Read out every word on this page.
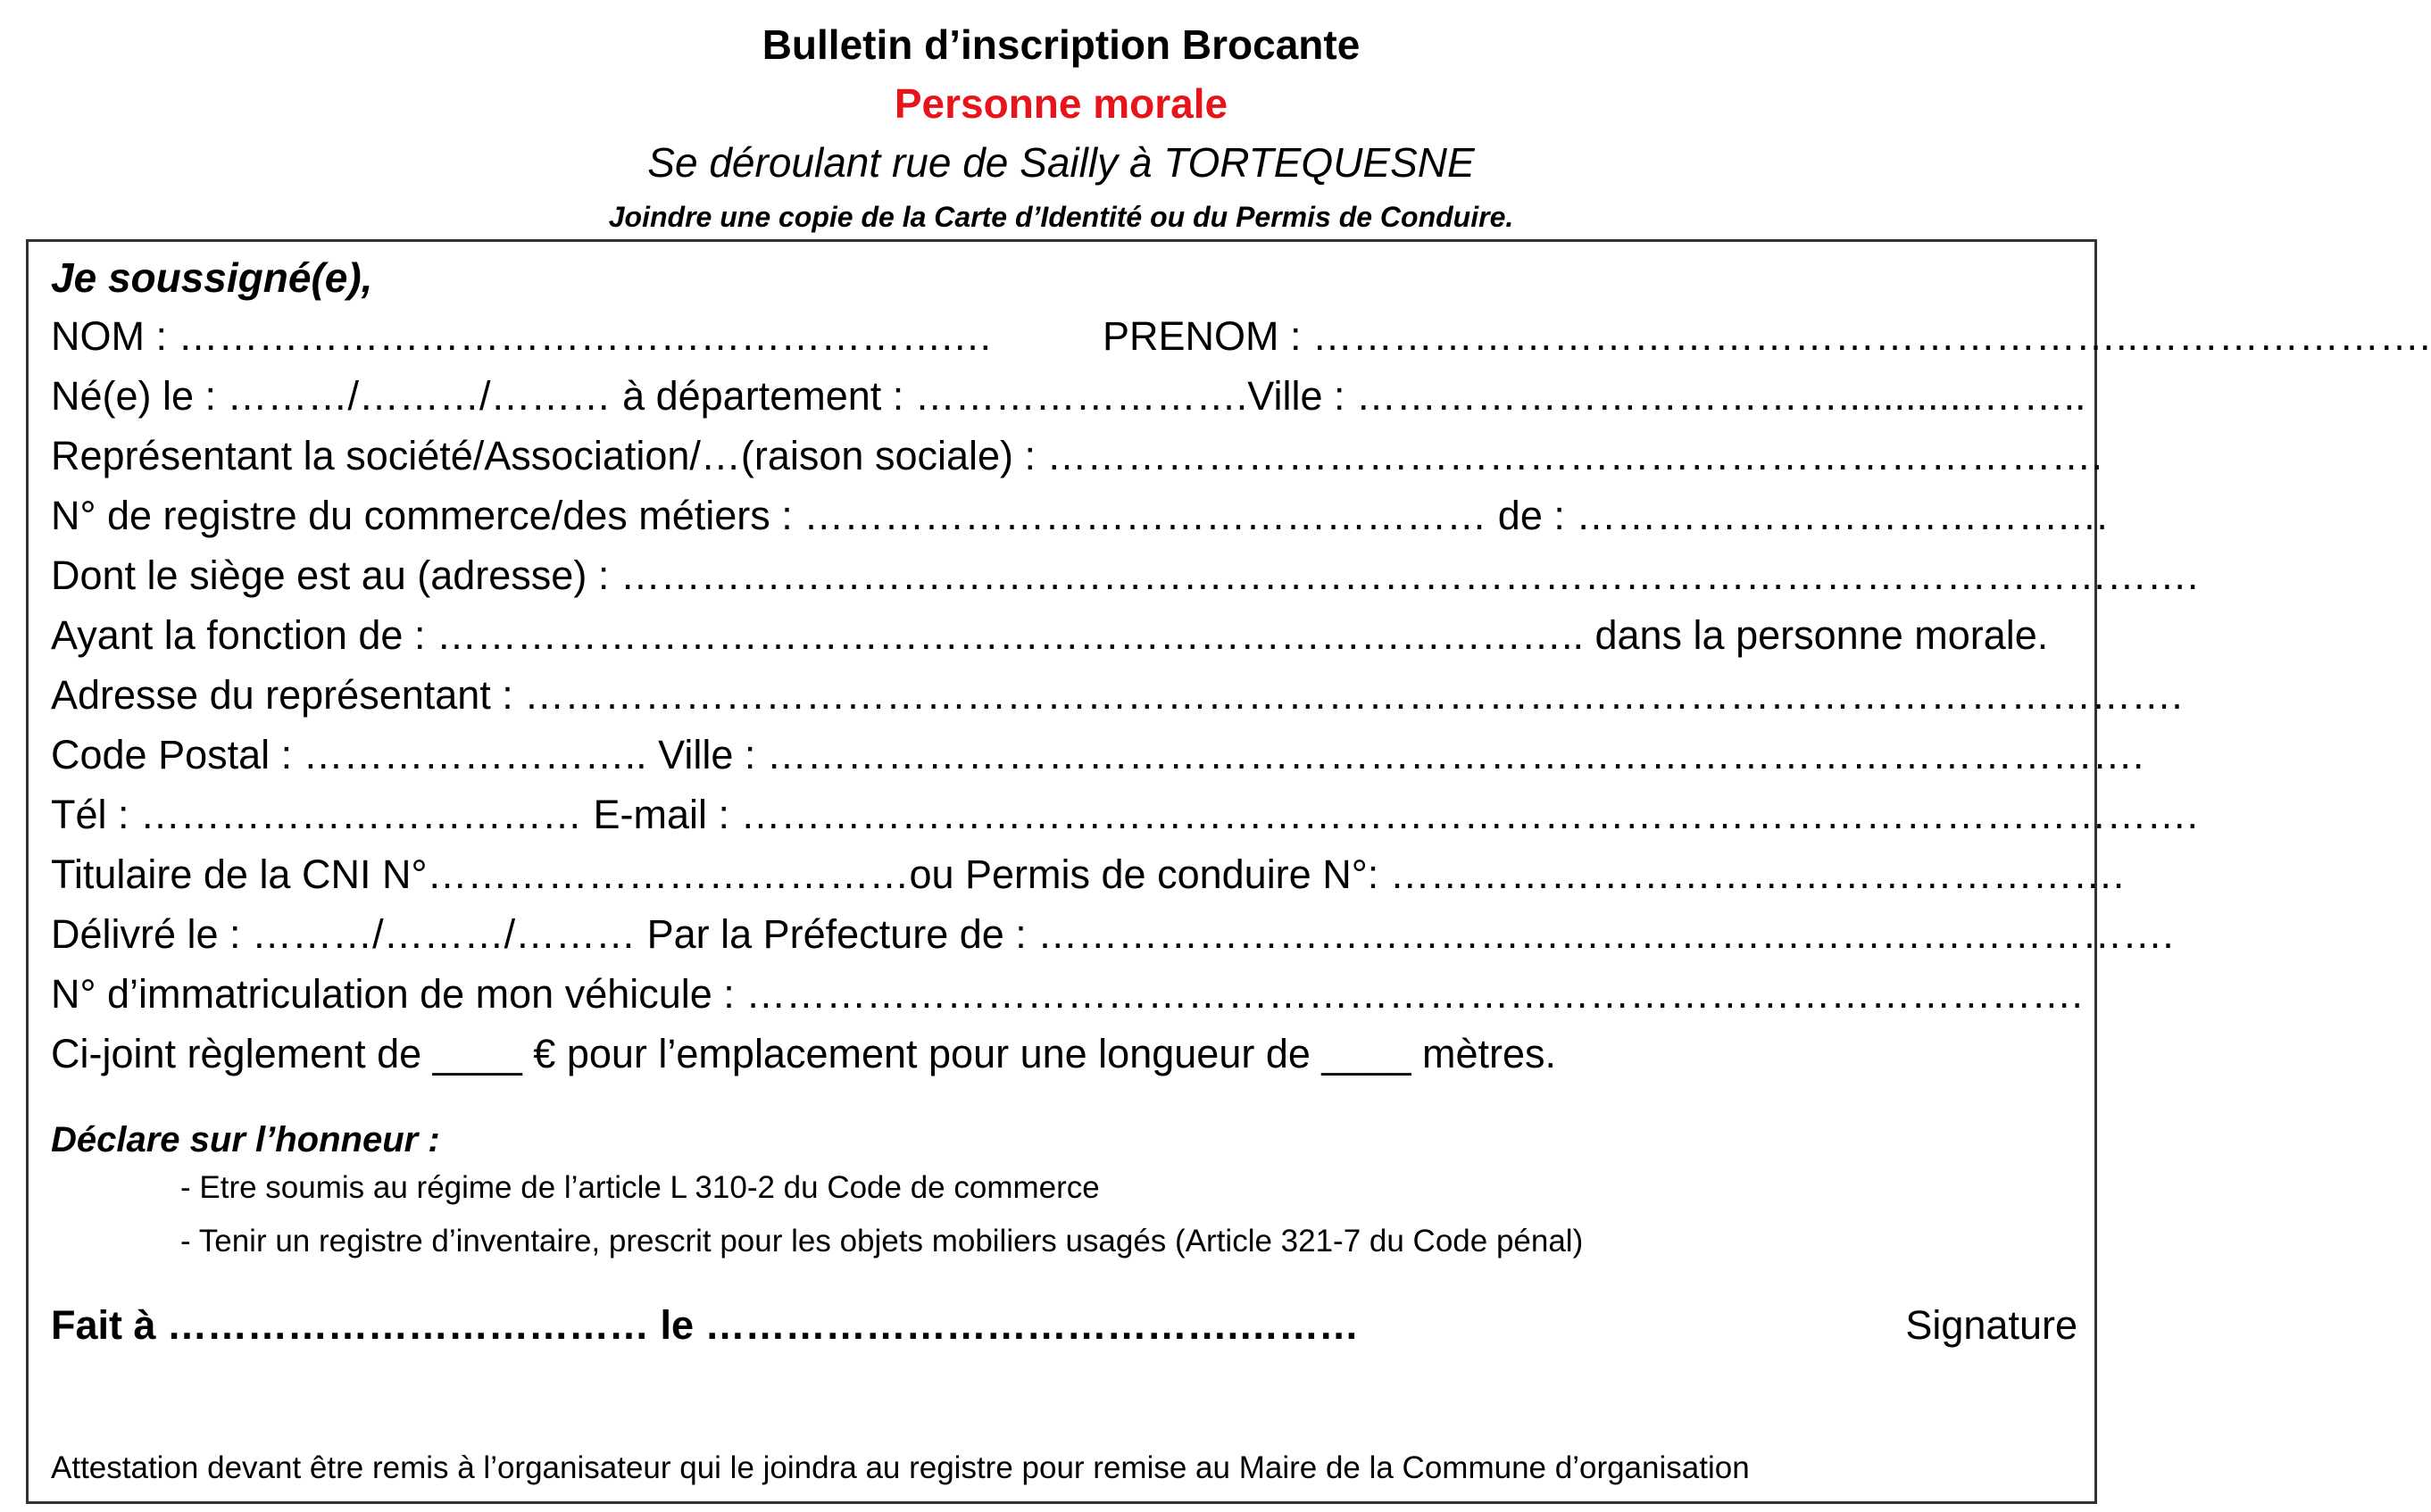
Bulletin d’inscription Brocante
Personne morale
Se déroulant rue de Sailly à TORTEQUESNE
Joindre une copie de la Carte d’Identité ou du Permis de Conduire.
Je soussigné(e),
NOM : ………………………………………………….…	PRENOM : ……………………………………………………..………………….
Né(e) le : ………/………/……… à département : …………………….Ville : ……………………………….............……..
Représentant la société/Association/…(raison sociale) : …………………………………………………………………….
N° de registre du commerce/des métiers : …………………………………………… de : ……………………………….…
Dont le siège est au (adresse) : ……………………………………………………………………………………………………….
Ayant la fonction de : ………………………………………………………………………….. dans la personne morale.
Adresse du représentant : …………………………………………………………………………………………………………….
Code Postal : …………………….. Ville : ………………………………………………………………………………………….
Tél : …………………………… E-mail : ……………………………………………………………………………………………….
Titulaire de la CNI N°………………………………ou Permis de conduire N°: ……………………………………………….
Délivré le : ………/………/……… Par la Préfecture de : ………………………………………………………………………….
N° d’immatriculation de mon véhicule : ……………………………………………………………………………………….
Ci-joint règlement de ____ € pour l’emplacement pour une longueur de ____ mètres.
Déclare sur l’honneur :
- Etre soumis au régime de l’article L 310-2 du Code de commerce
- Tenir un registre d’inventaire, prescrit pour les objets mobiliers usagés (Article 321-7 du Code pénal)
Fait à ……………………………… le ………………………………….………	Signature
Attestation devant être remis à l’organisateur qui le joindra au registre pour remise au Maire de la Commune d’organisation
